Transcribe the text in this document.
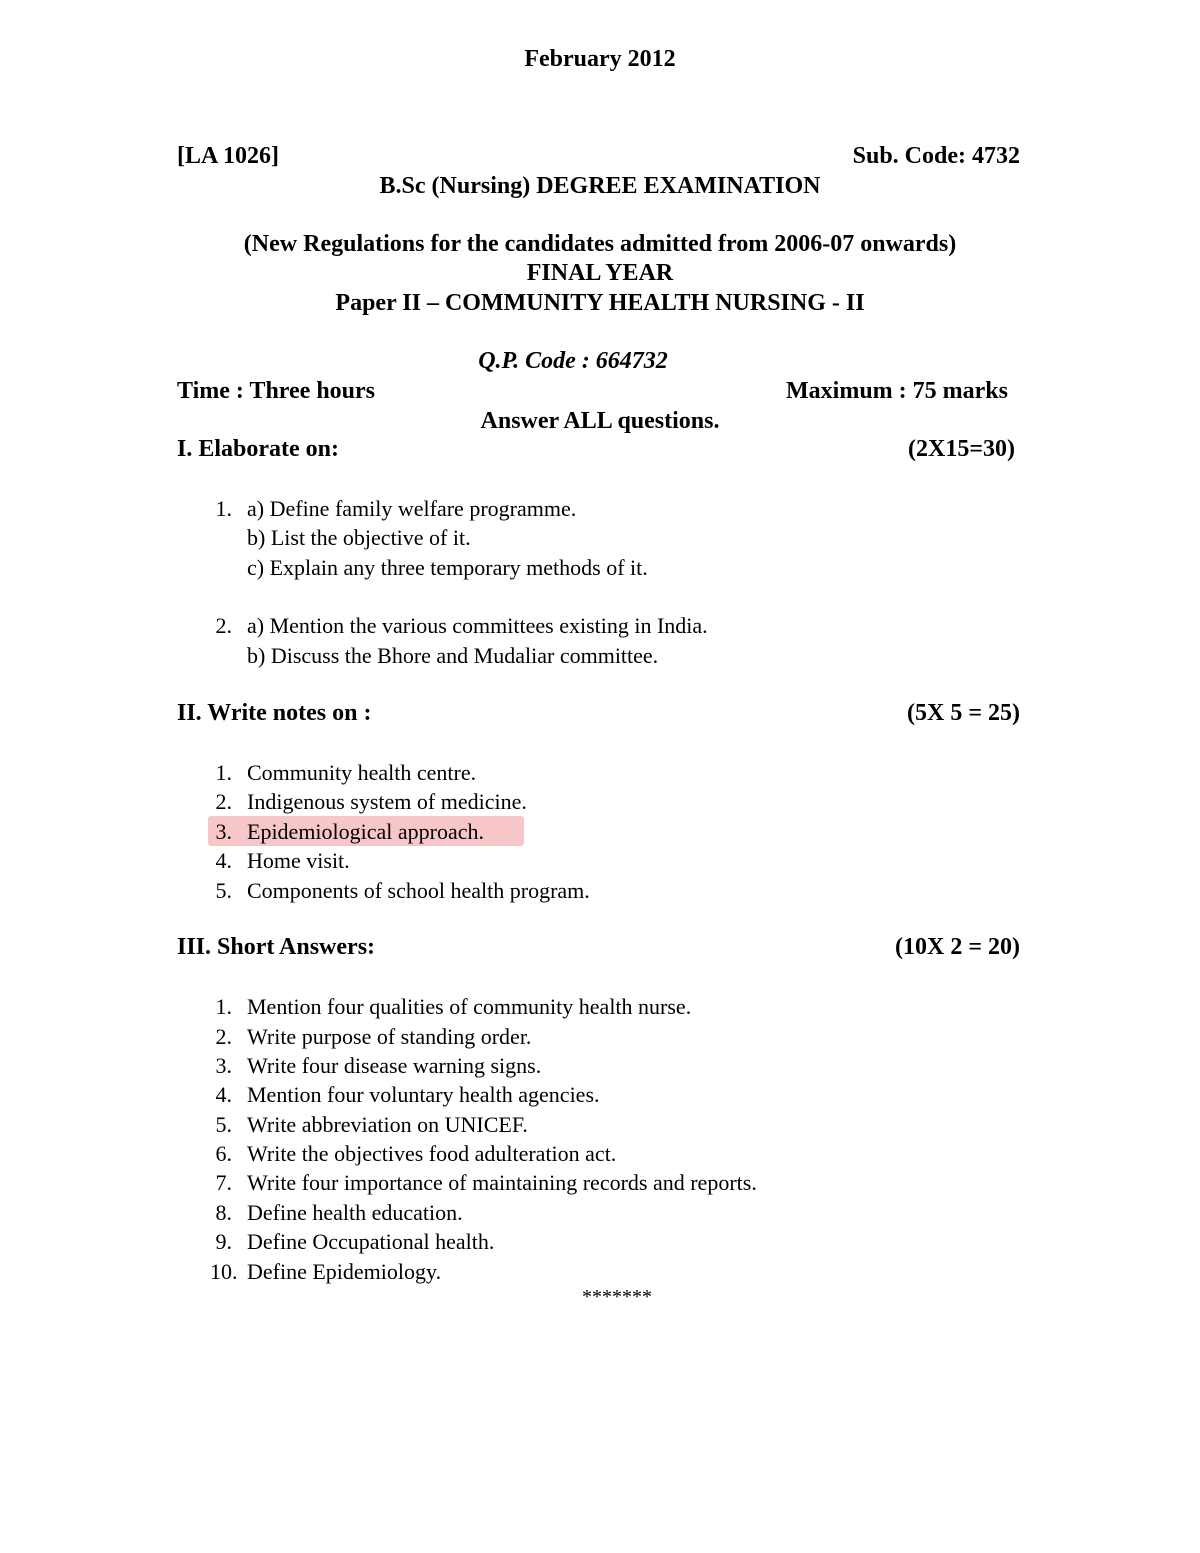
February 2012
[LA 1026]	Sub. Code: 4732
B.Sc (Nursing) DEGREE EXAMINATION
(New Regulations for the candidates admitted from 2006-07 onwards)
FINAL YEAR
Paper II – COMMUNITY HEALTH NURSING - II
Q.P. Code : 664732
Time : Three hours	Maximum : 75 marks
Answer ALL questions.
I. Elaborate on:	(2X15=30)
1. a) Define family welfare programme.
b) List the objective of it.
c) Explain any three temporary methods of it.
2. a) Mention the various committees existing in India.
b) Discuss the Bhore and Mudaliar committee.
II. Write notes on :	(5X 5 = 25)
1. Community health centre.
2. Indigenous system of medicine.
3. Epidemiological approach.
4. Home visit.
5. Components of school health program.
III. Short Answers:	(10X 2 = 20)
1. Mention four qualities of community health nurse.
2. Write purpose of standing order.
3. Write four disease warning signs.
4. Mention four voluntary health agencies.
5. Write abbreviation on UNICEF.
6. Write the objectives food adulteration act.
7. Write four importance of maintaining records and reports.
8. Define health education.
9. Define Occupational health.
10. Define Epidemiology.
*******
